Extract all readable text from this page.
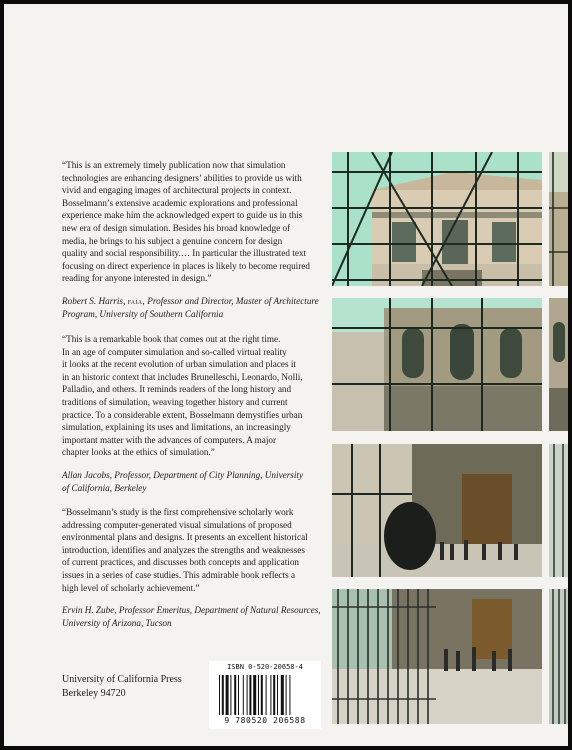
“This is an extremely timely publication now that simulation
technologies are enhancing designers’ abilities to provide us with
vivid and engaging images of architectural projects in context.
Bosselmann’s extensive academic explorations and professional
experience make him the acknowledged expert to guide us in this
new era of design simulation. Besides his broad knowledge of
media, he brings to his subject a genuine concern for design
quality and social responsibility.… In particular the illustrated text
focusing on direct experience in places is likely to become required
reading for anyone interested in design.”

Robert S. Harris, faia, Professor and Director, Master of Architecture
Program, University of Southern California

“This is a remarkable book that comes out at the right time.
In an age of computer simulation and so-called virtual reality
it looks at the recent evolution of urban simulation and places it
in an historic context that includes Brunelleschi, Leonardo, Nolli,
Palladio, and others. It reminds readers of the long history and
traditions of simulation, weaving together history and current
practice. To a considerable extent, Bosselmann demystifies urban
simulation, explaining its uses and limitations, an increasingly
important matter with the advances of computers. A major
chapter looks at the ethics of simulation.”

Allan Jacobs, Professor, Department of City Planning, University
of California, Berkeley

“Bosselmann’s study is the first comprehensive scholarly work
addressing computer-generated visual simulations of proposed
environmental plans and designs. It presents an excellent historical
introduction, identifies and analyzes the strengths and weaknesses
of current practices, and discusses both concepts and application
issues in a series of case studies. This admirable book reflects a
high level of scholarly achievement.”

Ervin H. Zube, Professor Emeritus, Department of Natural Resources,
University of Arizona, Tucson

University of California Press
Berkeley 94720
ISBN 0-520-20658-4
9 780520 206588
